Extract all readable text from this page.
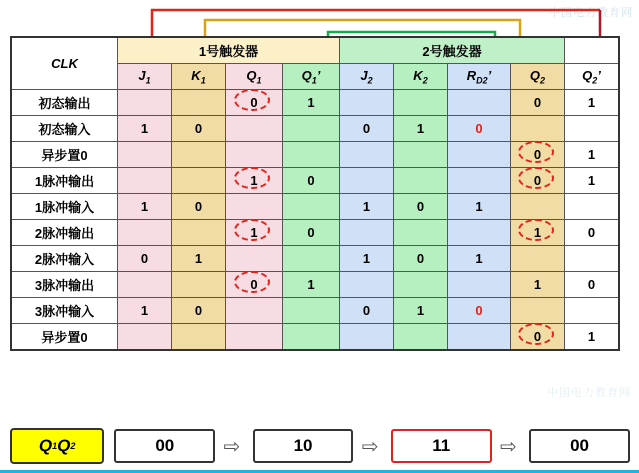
中国电力教育网
中国电力教育网
CLK	1号触发器				2号触发器				
	$J_1$	$K_1$	$Q_1$	$Q_1$’	$J_2$	$K_2$	$R_{D2}$’	$Q_2$	$Q_2$’
初态输出			0	1				0	1
初态输入	1	0			0	1	0		
异步置0								0	1
1脉冲输出			1	0				0	1
1脉冲输入	1	0			1	0	1		
2脉冲输出			1	0				1	0
2脉冲输入	0	1			1	0	1		
3脉冲输出			0	1				1	0
3脉冲输入	1	0			0	1	0		
异步置0								0	1
Q 1 Q 2	00	⇨	10	⇨	11	⇨	00
